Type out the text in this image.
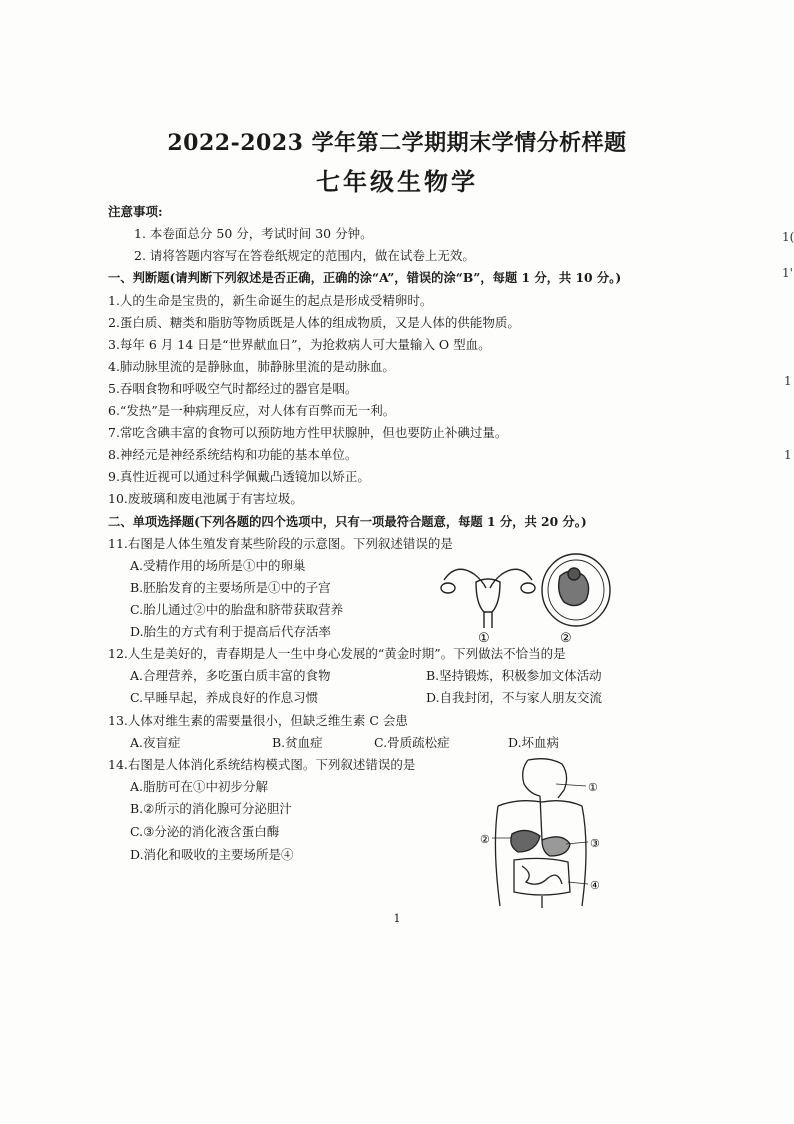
2022-2023 学年第二学期期末学情分析样题
七年级生物学
注意事项:
1. 本卷面总分 50 分，考试时间 30 分钟。
2. 请将答题内容写在答卷纸规定的范围内，做在试卷上无效。
一、判断题(请判断下列叙述是否正确，正确的涂“A”，错误的涂“B”，每题 1 分，共 10 分。)
1.人的生命是宝贵的，新生命诞生的起点是形成受精卵时。
2.蛋白质、糖类和脂肪等物质既是人体的组成物质，又是人体的供能物质。
3.每年 6 月 14 日是“世界献血日”，为抢救病人可大量输入 O 型血。
4.肺动脉里流的是静脉血，肺静脉里流的是动脉血。
5.吞咽食物和呼吸空气时都经过的器官是咽。
6.“发热”是一种病理反应，对人体有百弊而无一利。
7.常吃含碘丰富的食物可以预防地方性甲状腺肿，但也要防止补碘过量。
8.神经元是神经系统结构和功能的基本单位。
9.真性近视可以通过科学佩戴凸透镜加以矫正。
10.废玻璃和废电池属于有害垃圾。
二、单项选择题(下列各题的四个选项中，只有一项最符合题意，每题 1 分，共 20 分。)
11.右图是人体生殖发育某些阶段的示意图。下列叙述错误的是
A.受精作用的场所是①中的卵巢
B.胚胎发育的主要场所是①中的子宫
C.胎儿通过②中的胎盘和脐带获取营养
D.胎生的方式有利于提高后代存活率	①	②
12.人生是美好的，青春期是人一生中身心发展的“黄金时期”。下列做法不恰当的是
A.合理营养，多吃蛋白质丰富的食物	B.坚持锻炼，积极参加文体活动
C.早睡早起，养成良好的作息习惯	D.自我封闭，不与家人朋友交流
13.人体对维生素的需要量很小，但缺乏维生素 C 会患
A.夜盲症	B.贫血症	C.骨质疏松症	D.坏血病
14.右图是人体消化系统结构模式图。下列叙述错误的是
A.脂肪可在①中初步分解
B.②所示的消化腺可分泌胆汁
C.③分泌的消化液含蛋白酶
D.消化和吸收的主要场所是④
①
②	③
④
1(
1'
1
1
1
